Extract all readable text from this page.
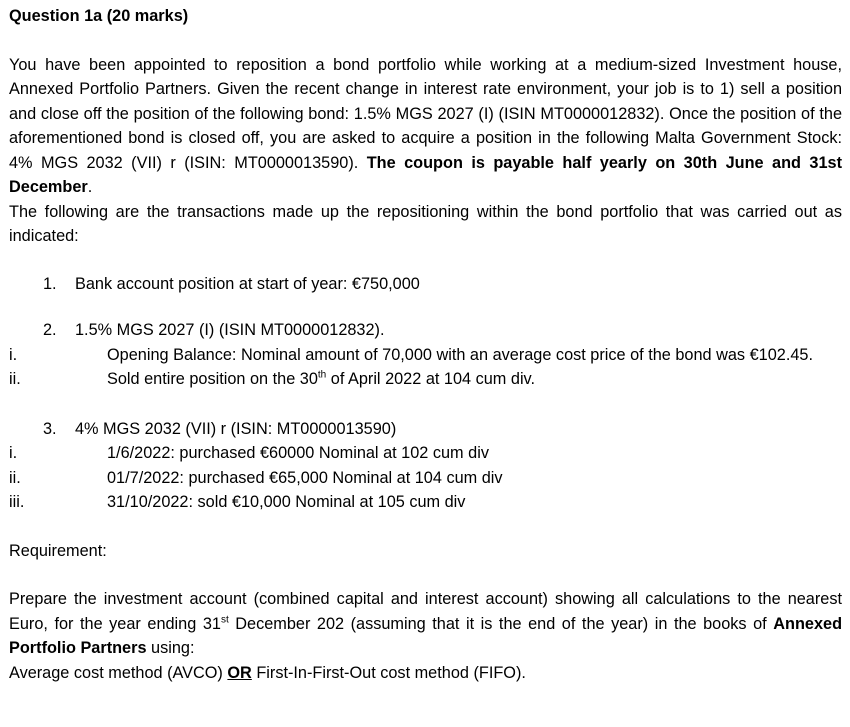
Question 1a (20 marks)

You have been appointed to reposition a bond portfolio while working at a medium-sized Investment house, Annexed Portfolio Partners. Given the recent change in interest rate environment, your job is to 1) sell a position and close off the position of the following bond: 1.5% MGS 2027 (I) (ISIN MT0000012832). Once the position of the aforementioned bond is closed off, you are asked to acquire a position in the following Malta Government Stock: 4% MGS 2032 (VII) r (ISIN: MT0000013590). The coupon is payable half yearly on 30th June and 31st December.

The following are the transactions made up the repositioning within the bond portfolio that was carried out as indicated:

1.	Bank account position at start of year: €750,000
2.	1.5% MGS 2027 (I) (ISIN MT0000012832).
i.	Opening Balance: Nominal amount of 70,000 with an average cost price of the bond was €102.45.
ii.	Sold entire position on the 30th of April 2022 at 104 cum div.
3.	4% MGS 2032 (VII) r (ISIN: MT0000013590)
i.	1/6/2022: purchased €60000 Nominal at 102 cum div
ii.	01/7/2022: purchased €65,000 Nominal at 104 cum div
iii.	31/10/2022: sold €10,000 Nominal at 105 cum div

Requirement:

Prepare the investment account (combined capital and interest account) showing all calculations to the nearest Euro, for the year ending 31st December 202 (assuming that it is the end of the year) in the books of Annexed Portfolio Partners using:

Average cost method (AVCO) OR First-In-First-Out cost method (FIFO).
